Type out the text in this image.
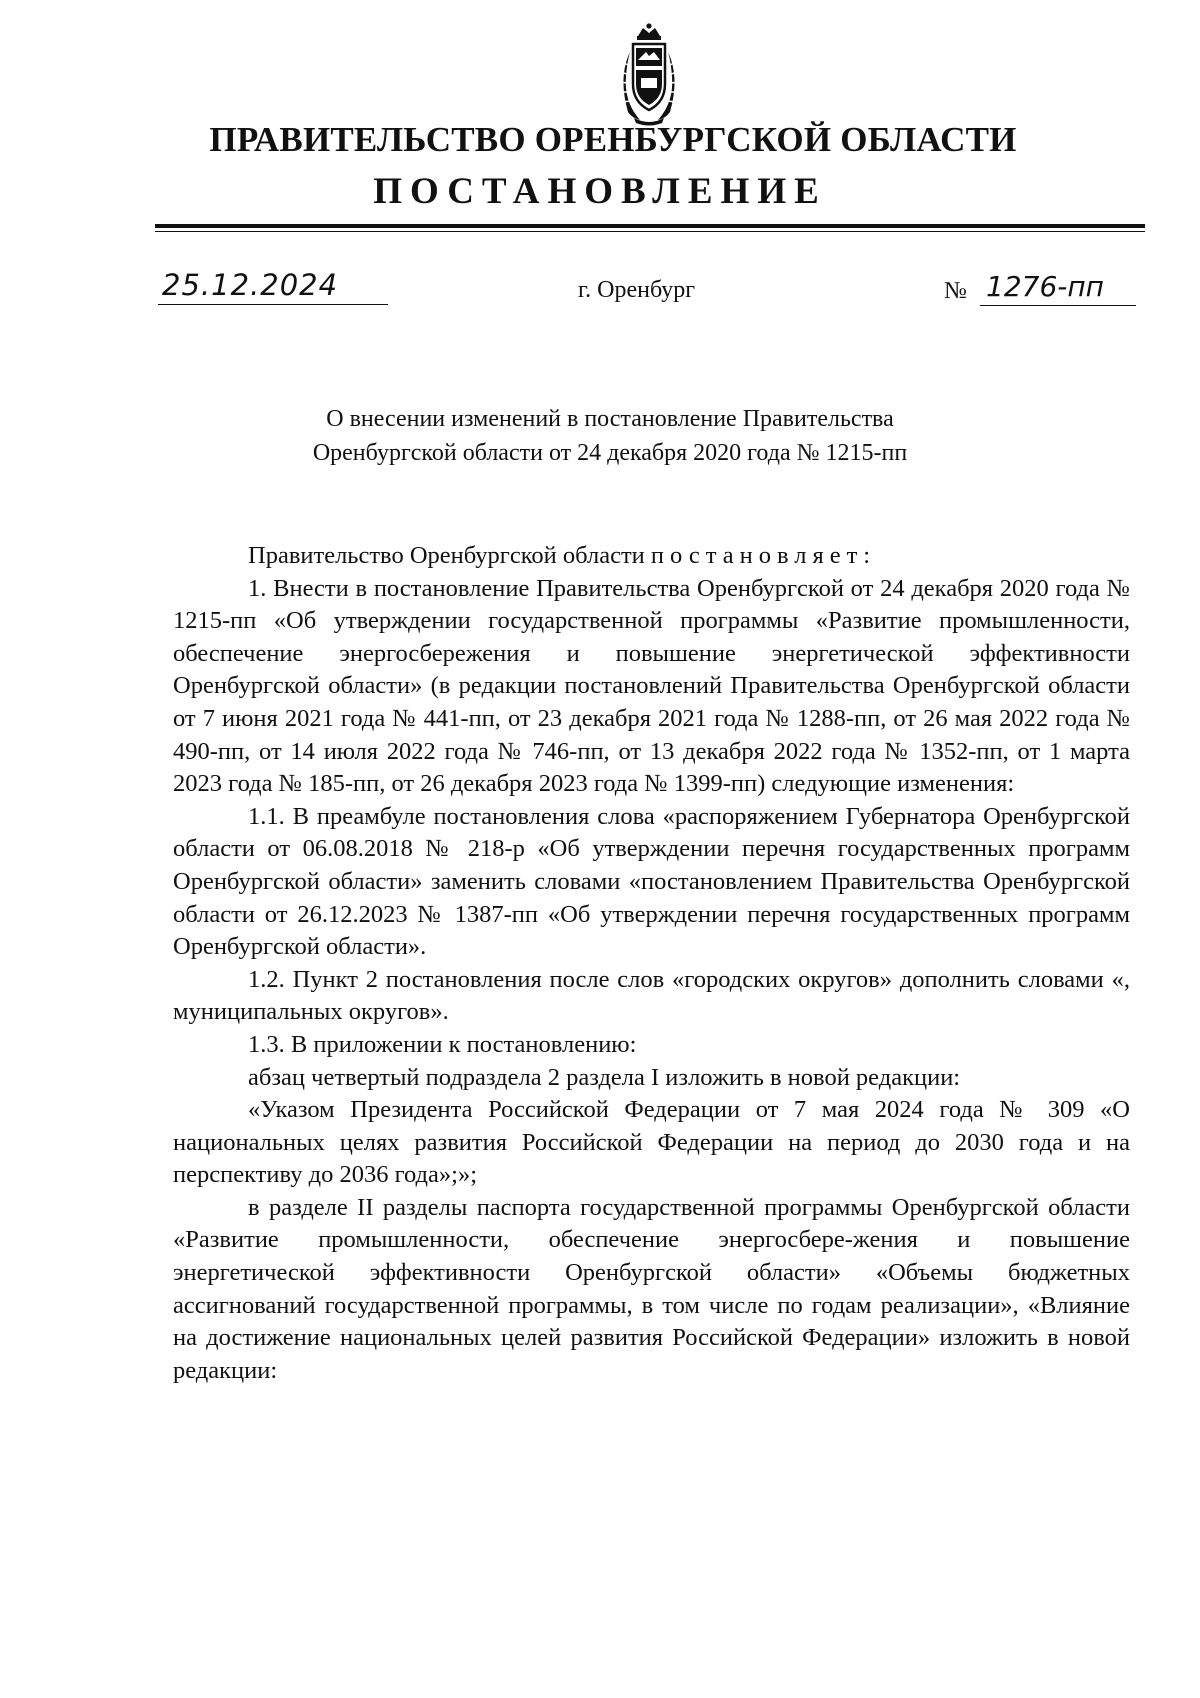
ПРАВИТЕЛЬСТВО ОРЕНБУРГСКОЙ ОБЛАСТИ
ПОСТАНОВЛЕНИЕ
25.12.2024	г. Оренбург	№ 1276-пп
О внесении изменений в постановление Правительства
Оренбургской области от 24 декабря 2020 года № 1215-пп

Правительство Оренбургской области постановляет:

1. Внести в постановление Правительства Оренбургской от 24 декабря 2020 года № 1215-пп «Об утверждении государственной программы «Развитие промышленности, обеспечение энергосбережения и повышение энергетической эффективности Оренбургской области» (в редакции постановлений Правительства Оренбургской области от 7 июня 2021 года № 441-пп, от 23 декабря 2021 года № 1288-пп, от 26 мая 2022 года № 490-пп, от 14 июля 2022 года № 746-пп, от 13 декабря 2022 года № 1352-пп, от 1 марта 2023 года № 185-пп, от 26 декабря 2023 года № 1399-пп) следующие изменения:

1.1. В преамбуле постановления слова «распоряжением Губернатора Оренбургской области от 06.08.2018 № 218-р «Об утверждении перечня государственных программ Оренбургской области» заменить словами «постановлением Правительства Оренбургской области от 26.12.2023 № 1387-пп «Об утверждении перечня государственных программ Оренбургской области».

1.2. Пункт 2 постановления после слов «городских округов» дополнить словами «, муниципальных округов».

1.3. В приложении к постановлению:

абзац четвертый подраздела 2 раздела I изложить в новой редакции:

«Указом Президента Российской Федерации от 7 мая 2024 года № 309 «О национальных целях развития Российской Федерации на период до 2030 года и на перспективу до 2036 года»;»;

в разделе II разделы паспорта государственной программы Оренбургской области «Развитие промышленности, обеспечение энергосбере-жения и повышение энергетической эффективности Оренбургской области» «Объемы бюджетных ассигнований государственной программы, в том числе по годам реализации», «Влияние на достижение национальных целей развития Российской Федерации» изложить в новой редакции:
